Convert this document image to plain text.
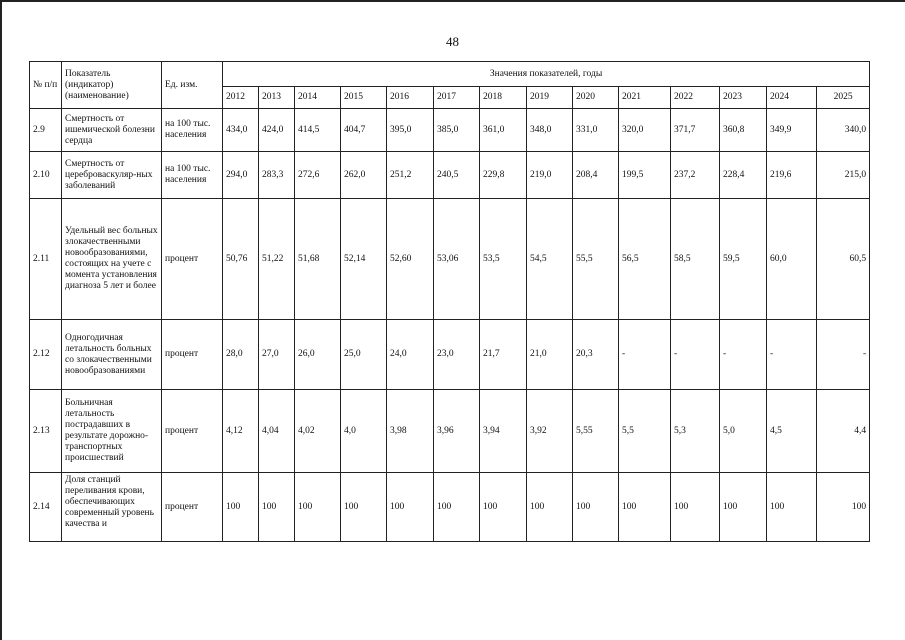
48
№ п/п	Показатель (индикатор) (наименование)	Ед. изм.	Значения показателей, годы													
			2012	2013	2014	2015	2016	2017	2018	2019	2020	2021	2022	2023	2024	2025
2.9	Смертность от ишемической болезни сердца	на 100 тыс. населения	434,0	424,0	414,5	404,7	395,0	385,0	361,0	348,0	331,0	320,0	371,7	360,8	349,9	340,0
2.10	Смертность от цереброваскуляр-ных заболеваний	на 100 тыс. населения	294,0	283,3	272,6	262,0	251,2	240,5	229,8	219,0	208,4	199,5	237,2	228,4	219,6	215,0
2.11	Удельный вес больных злокачественными новообразованиями, состоящих на учете с момента установления диагноза 5 лет и более	процент	50,76	51,22	51,68	52,14	52,60	53,06	53,5	54,5	55,5	56,5	58,5	59,5	60,0	60,5
2.12	Одногодичная летальность больных со злокачественными новообразованиями	процент	28,0	27,0	26,0	25,0	24,0	23,0	21,7	21,0	20,3	-	-	-	-	-
2.13	Больничная летальность пострадавших в результате дорожно-транспортных происшествий	процент	4,12	4,04	4,02	4,0	3,98	3,96	3,94	3,92	5,55	5,5	5,3	5,0	4,5	4,4
2.14	Доля станций переливания крови, обеспечивающих современный уровень качества и	процент	100	100	100	100	100	100	100	100	100	100	100	100	100	100
